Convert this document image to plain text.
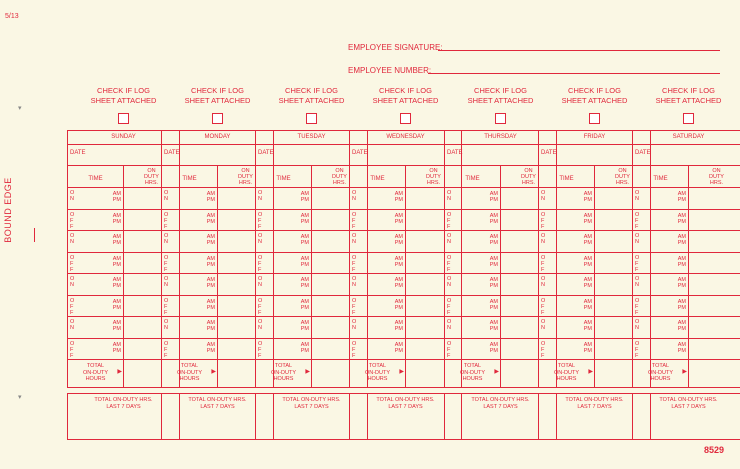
5/13
EMPLOYEE SIGNATURE:
EMPLOYEE NUMBER:
BOUND EDGE
▾
▾
CHECK IF LOG
SHEET ATTACHED
SUNDAY
DATE
TIME
ON
DUTY
HRS.
O
N
AM
PM
O
F
F
AM
PM
O
N
AM
PM
O
F
F
AM
PM
O
N
AM
PM
O
F
F
AM
PM
O
N
AM
PM
O
F
F
AM
PM
TOTAL
ON-DUTY
HOURS
▶
TOTAL ON-DUTY HRS.
LAST 7 DAYS
CHECK IF LOG
SHEET ATTACHED
MONDAY
DATE
TIME
ON
DUTY
HRS.
O
N
AM
PM
O
F
F
AM
PM
O
N
AM
PM
O
F
F
AM
PM
O
N
AM
PM
O
F
F
AM
PM
O
N
AM
PM
O
F
F
AM
PM
TOTAL
ON-DUTY
HOURS
▶
TOTAL ON-DUTY HRS.
LAST 7 DAYS
CHECK IF LOG
SHEET ATTACHED
TUESDAY
DATE
TIME
ON
DUTY
HRS.
O
N
AM
PM
O
F
F
AM
PM
O
N
AM
PM
O
F
F
AM
PM
O
N
AM
PM
O
F
F
AM
PM
O
N
AM
PM
O
F
F
AM
PM
TOTAL
ON-DUTY
HOURS
▶
TOTAL ON-DUTY HRS.
LAST 7 DAYS
CHECK IF LOG
SHEET ATTACHED
WEDNESDAY
DATE
TIME
ON
DUTY
HRS.
O
N
AM
PM
O
F
F
AM
PM
O
N
AM
PM
O
F
F
AM
PM
O
N
AM
PM
O
F
F
AM
PM
O
N
AM
PM
O
F
F
AM
PM
TOTAL
ON-DUTY
HOURS
▶
TOTAL ON-DUTY HRS.
LAST 7 DAYS
CHECK IF LOG
SHEET ATTACHED
THURSDAY
DATE
TIME
ON
DUTY
HRS.
O
N
AM
PM
O
F
F
AM
PM
O
N
AM
PM
O
F
F
AM
PM
O
N
AM
PM
O
F
F
AM
PM
O
N
AM
PM
O
F
F
AM
PM
TOTAL
ON-DUTY
HOURS
▶
TOTAL ON-DUTY HRS.
LAST 7 DAYS
CHECK IF LOG
SHEET ATTACHED
FRIDAY
DATE
TIME
ON
DUTY
HRS.
O
N
AM
PM
O
F
F
AM
PM
O
N
AM
PM
O
F
F
AM
PM
O
N
AM
PM
O
F
F
AM
PM
O
N
AM
PM
O
F
F
AM
PM
TOTAL
ON-DUTY
HOURS
▶
TOTAL ON-DUTY HRS.
LAST 7 DAYS
CHECK IF LOG
SHEET ATTACHED
SATURDAY
DATE
TIME
ON
DUTY
HRS.
O
N
AM
PM
O
F
F
AM
PM
O
N
AM
PM
O
F
F
AM
PM
O
N
AM
PM
O
F
F
AM
PM
O
N
AM
PM
O
F
F
AM
PM
TOTAL
ON-DUTY
HOURS
▶
TOTAL ON-DUTY HRS.
LAST 7 DAYS
8529
